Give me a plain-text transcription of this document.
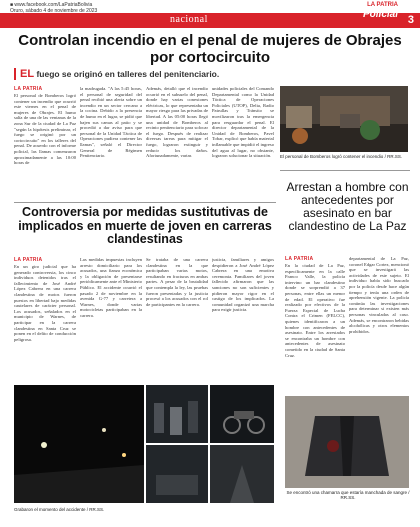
■ www.facebook.com/LaPatriaBolivia
Oruro, sábado 4 de noviembre de 2023
nacional
LA PATRIA
Policial 3
Controlan incendio en el penal de mujeres de Obrajes por cortocircuito
EL fuego se originó en talleres del penitenciario.
LA PATRIA
El personal de Bomberos logró contener un incendio que ocurrió este viernes en el penal de mujeres de Obrajes. El humo salía de una de las ventanas de la zona Sur de la ciudad de La Paz "según la hipótesis preliminar, el fuego se originó por un cortocircuito" en los talleres del penal. De acuerdo con el informe policial, las llamas comenzaron aproximadamente a las 10:00 horas de
la madrugada. "A las 5:45 horas, el personal de seguridad del penal recibió una alerta sobre un incendio en un sector cercano a la cocina. Debido a la presencia de humo en el lugar, se pidió que bajen sus camas al patio y se procedió a dar aviso para que personal de la Unidad Táctica de Operaciones pudiera contener las llamas", señaló el Director General de Régimen Penitenciario.
Además, detalló que el incendio ocurrió en el subsuelo del penal, donde hay varias conexiones eléctricas, lo que representaba un mayor riesgo para las privadas de libertad. A las 05:00 horas llegó una unidad de Bomberos al recinto penitenciario para sofocar el fuego. Después de realizar diversas tareas para mitigar el fuego, lograron extinguir y reducir los daños. Afortunadamente, varias
unidades policiales del Comando Departamental como la Unidad Táctica de Operaciones Policiales (UTOP), Delta, Radio Patrullas y Tránsito se movilizaron tras la emergencia para resguardar el penal. El director departamental de la Unidad de Bomberos, Pavel Tobar, explicó que había material inflamable que impidió el ingreso del agua al lugar, no obstante, lograron solucionar la situación.	El personal de Bomberos logró contener el incendio / RR.SS.
Controversia por medidas sustitutivas de implicados en muerte de joven en carreras clandestinas
LA PATRIA
En un giro judicial que ha generado controversia, los cinco individuos detenidos tras el fallecimiento de José André López Cabrera en una carrera clandestina de motos fueron puestos en libertad bajo medidas cautelares de carácter personal. Los acusados, señalados en el municipio de Warnes, de participar en la carrera clandestina en Santa Cruz se ponen en el delito de conducción peligrosa.
Las medidas impuestas incluyen arresto domiciliario para los acusados, una fianza económica y la obligación de presentarse periódicamente ante el Ministerio Público. El accidente ocurrió el pasado 2 de noviembre en la avenida G-77 y carretera a Warnes, donde varias motocicletas participaban en la carrera.
Se trataba de una carrera clandestina en la que participaban varias motos, resultando en fracturas en ambas partes. A pesar de la brutalidad que contempla la ley, las pruebas fueron presentadas y la justicia procesó a los acusados con el rol de participantes en la carrera.
justicia, familiares y amigos despidieron a José André López Cabrera en una emotiva ceremonia. Familiares del joven fallecido afirmaron que las sanciones no son suficientes y pidieron mayor rigor en el castigo de los implicados. La comunidad organizó una marcha para exigir justicia.
Grabaron el momento del accidente / RR.SS.
Arrestan a hombre con antecedentes por asesinato en bar clandestino de La Paz
LA PATRIA
En la ciudad de La Paz, específicamente en la calle Franco Valle, la policía intervino un bar clandestino donde se sorprendió a 37 personas, entre ellas un menor de edad. El operativo fue realizado por efectivos de la Fuerza Especial de Lucha Contra el Crimen (FELCC), quienes identificaron a un hombre con antecedentes de asesinato. Entre los arrestados se encontraba un hombre con antecedentes de asesinato cometido en la ciudad de Santa Cruz.
departamental de La Paz, coronel Edgar Cortez, mencionó que se investigará las actividades de este sujeto. El individuo había sido buscado por la policía desde hace algún tiempo y tenía una orden de aprehensión vigente. La policía continúa las investigaciones para determinar si existen más personas vinculadas al caso. Además, se encontraron bebidas alcohólicas y otros elementos prohibidos.
Se encontró una chamarra que estaría manchada de sangre / RR.SS.
